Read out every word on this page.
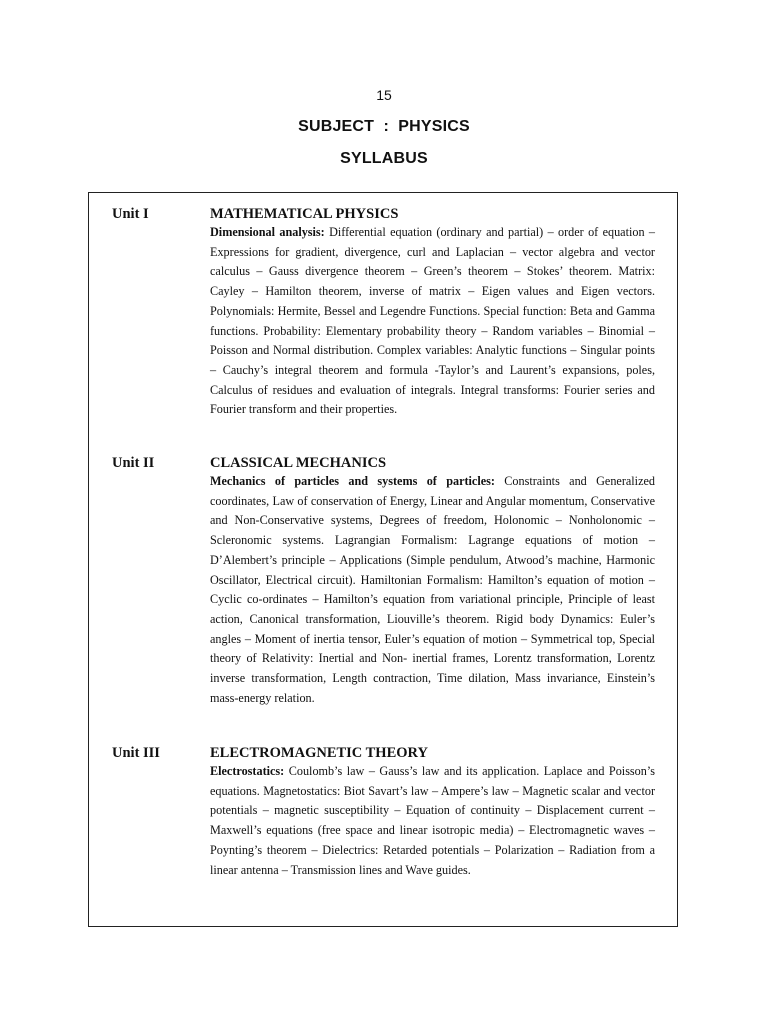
15
SUBJECT  :  PHYSICS
SYLLABUS
Unit I	MATHEMATICAL PHYSICS

Dimensional analysis: Differential equation (ordinary and partial) – order of equation – Expressions for gradient, divergence, curl and Laplacian – vector algebra and vector calculus – Gauss divergence theorem – Green’s theorem – Stokes’ theorem. Matrix: Cayley – Hamilton theorem, inverse of matrix – Eigen values and Eigen vectors. Polynomials: Hermite, Bessel and Legendre Functions. Special function: Beta and Gamma functions. Probability: Elementary probability theory – Random variables – Binomial – Poisson and Normal distribution. Complex variables: Analytic functions – Singular points – Cauchy’s integral theorem and formula -Taylor’s and Laurent’s expansions, poles, Calculus of residues and evaluation of integrals. Integral transforms: Fourier series and Fourier transform and their properties.

Unit II	CLASSICAL MECHANICS

Mechanics of particles and systems of particles: Constraints and Generalized coordinates, Law of conservation of Energy, Linear and Angular momentum, Conservative and Non-Conservative systems, Degrees of freedom, Holonomic – Nonholonomic – Scleronomic systems. Lagrangian Formalism: Lagrange equations of motion – D’Alembert’s principle – Applications (Simple pendulum, Atwood’s machine, Harmonic Oscillator, Electrical circuit). Hamiltonian Formalism: Hamilton’s equation of motion – Cyclic co-ordinates – Hamilton’s equation from variational principle, Principle of least action, Canonical transformation, Liouville’s theorem. Rigid body Dynamics: Euler’s angles – Moment of inertia tensor, Euler’s equation of motion – Symmetrical top, Special theory of Relativity: Inertial and Non- inertial frames, Lorentz transformation, Lorentz inverse transformation, Length contraction, Time dilation, Mass invariance, Einstein’s mass-energy relation.

Unit III	ELECTROMAGNETIC THEORY

Electrostatics: Coulomb’s law – Gauss’s law and its application. Laplace and Poisson’s equations. Magnetostatics: Biot Savart’s law – Ampere’s law – Magnetic scalar and vector potentials – magnetic susceptibility – Equation of continuity – Displacement current – Maxwell’s equations (free space and linear isotropic media) – Electromagnetic waves – Poynting’s theorem – Dielectrics: Retarded potentials – Polarization – Radiation from a linear antenna – Transmission lines and Wave guides.
